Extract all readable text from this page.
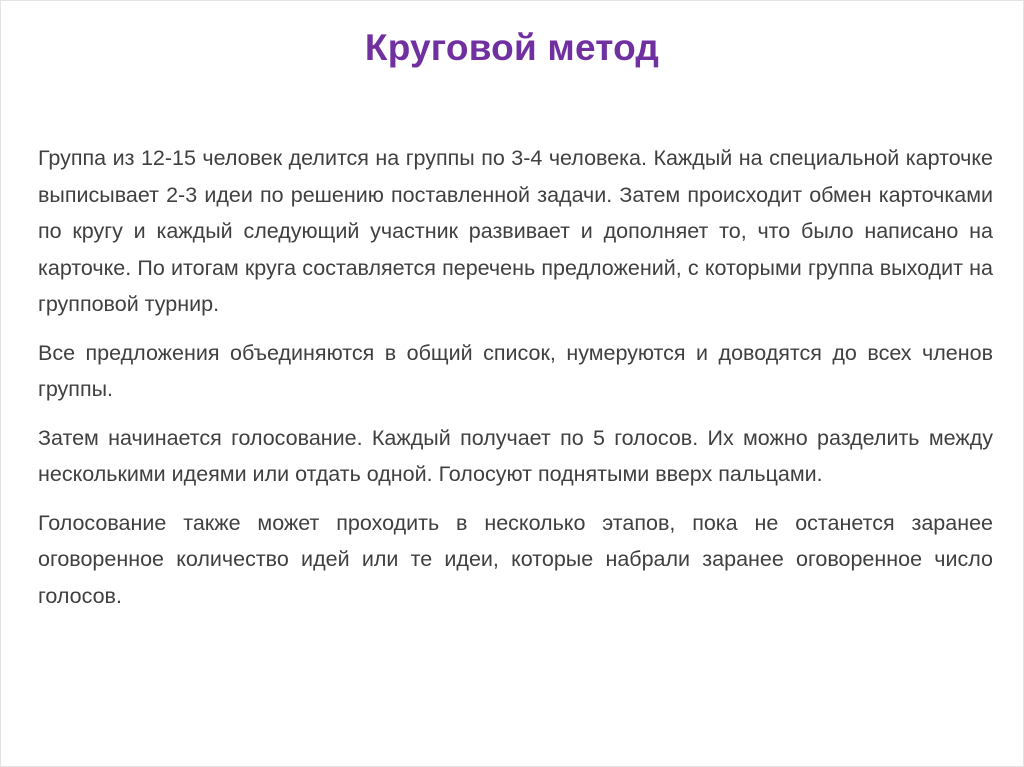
Круговой метод

Группа из 12-15 человек делится на группы по 3-4 человека. Каждый на специальной карточке выписывает 2-3 идеи по решению поставленной задачи. Затем происходит обмен карточками по кругу и каждый следующий участник развивает и дополняет то, что было написано на карточке. По итогам круга составляется перечень предложений, с которыми группа выходит на групповой турнир.

Все предложения объединяются в общий список, нумеруются и доводятся до всех членов группы.

Затем начинается голосование. Каждый получает по 5 голосов. Их можно разделить между несколькими идеями или отдать одной. Голосуют поднятыми вверх пальцами.

Голосование также может проходить в несколько этапов, пока не останется заранее оговоренное количество идей или те идеи, которые набрали заранее оговоренное число голосов.
